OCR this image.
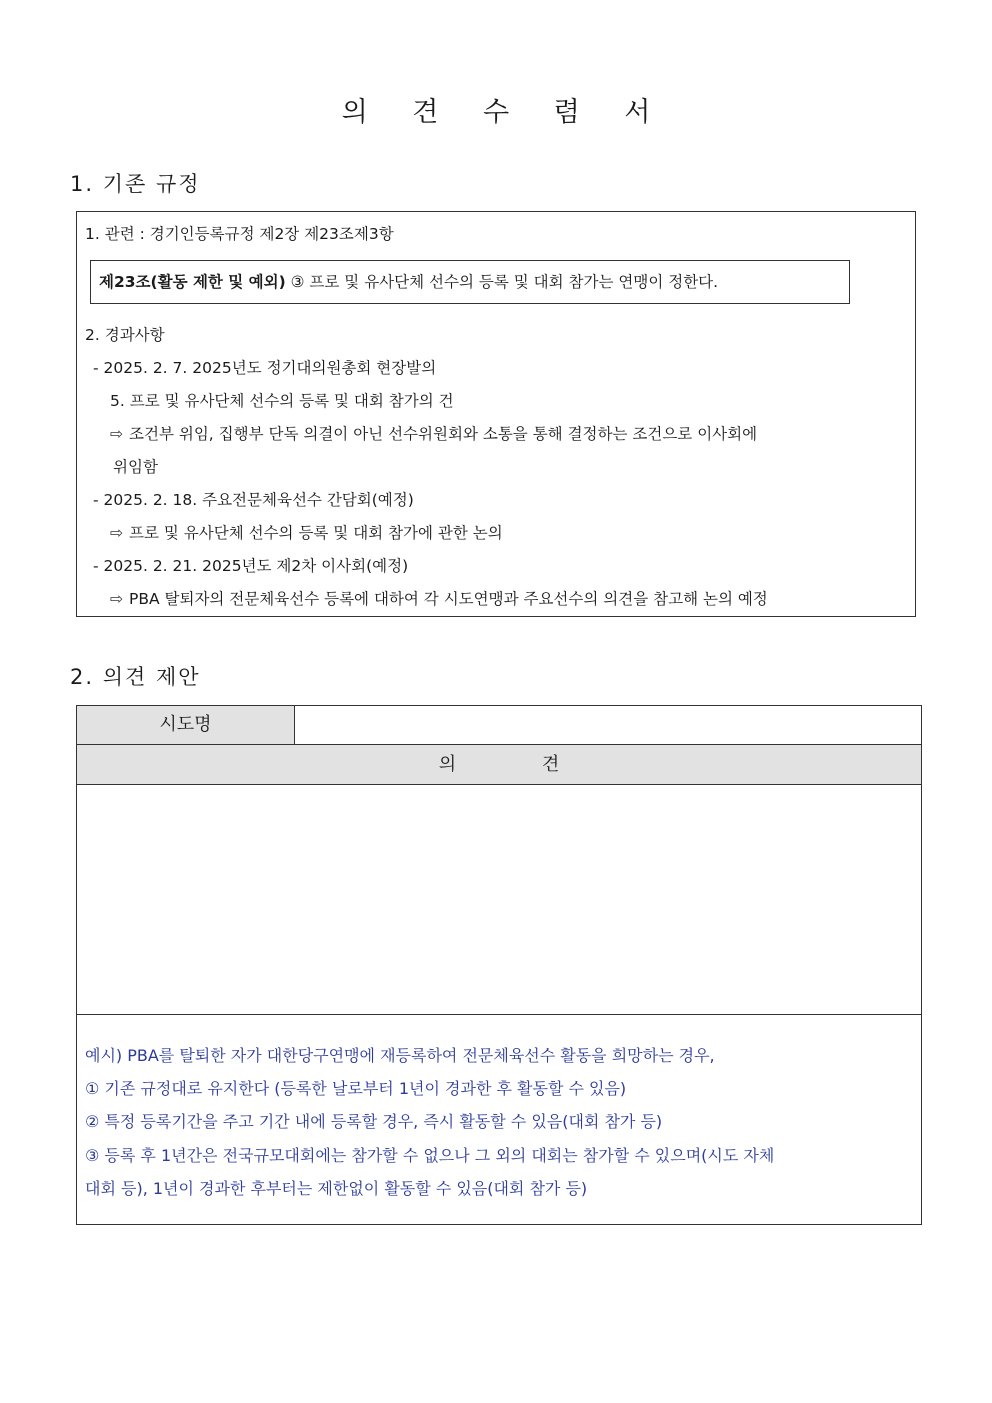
의 견 수 렴 서
1. 기존 규정
1. 관련 : 경기인등록규정 제2장 제23조제3항
제23조(활동 제한 및 예외) ③ 프로 및 유사단체 선수의 등록 및 대회 참가는 연맹이 정한다.
2. 경과사항
- 2025. 2. 7. 2025년도 정기대의원총회 현장발의
5. 프로 및 유사단체 선수의 등록 및 대회 참가의 건
⇨ 조건부 위임, 집행부 단독 의결이 아닌 선수위원회와 소통을 통해 결정하는 조건으로 이사회에
위임함
- 2025. 2. 18. 주요전문체육선수 간담회(예정)
⇨ 프로 및 유사단체 선수의 등록 및 대회 참가에 관한 논의
- 2025. 2. 21. 2025년도 제2차 이사회(예정)
⇨ PBA 탈퇴자의 전문체육선수 등록에 대하여 각 시도연맹과 주요선수의 의견을 참고해 논의 예정
2. 의견 제안
시도명
의 견
예시) PBA를 탈퇴한 자가 대한당구연맹에 재등록하여 전문체육선수 활동을 희망하는 경우,
① 기존 규정대로 유지한다 (등록한 날로부터 1년이 경과한 후 활동할 수 있음)
② 특정 등록기간을 주고 기간 내에 등록할 경우, 즉시 활동할 수 있음(대회 참가 등)
③ 등록 후 1년간은 전국규모대회에는 참가할 수 없으나 그 외의 대회는 참가할 수 있으며(시도 자체
대회 등), 1년이 경과한 후부터는 제한없이 활동할 수 있음(대회 참가 등)
